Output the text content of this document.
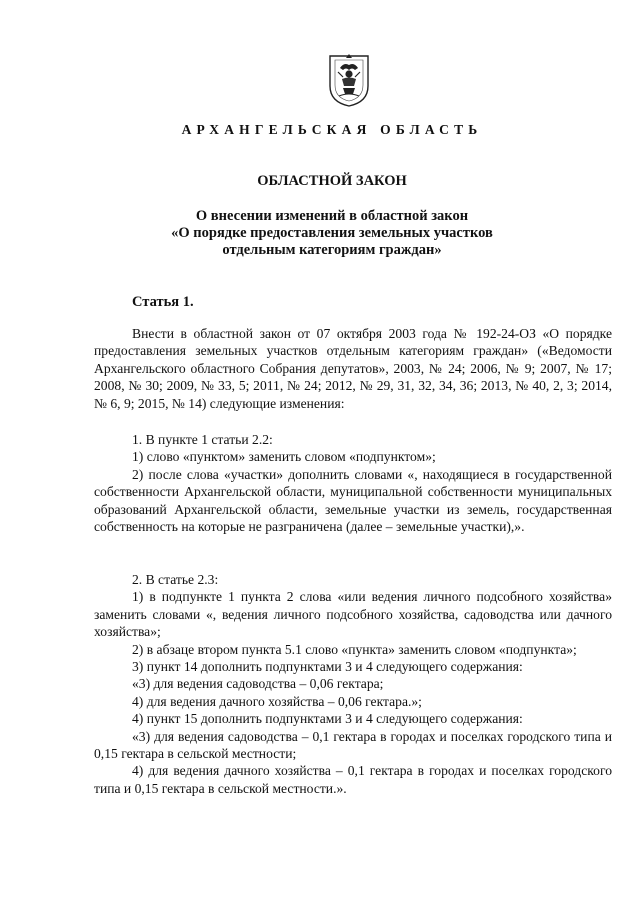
АРХАНГЕЛЬСКАЯ ОБЛАСТЬ
ОБЛАСТНОЙ ЗАКОН
О внесении изменений в областной закон
«О порядке предоставления земельных участков
отдельным категориям граждан»
Статья 1.

Внести в областной закон от 07 октября 2003 года № 192-24-ОЗ «О порядке предоставления земельных участков отдельным категориям граждан» («Ведомости Архангельского областного Собрания депутатов», 2003, № 24; 2006, № 9; 2007, № 17; 2008, № 30; 2009, № 33, 5; 2011, № 24; 2012, № 29, 31, 32, 34, 36; 2013, № 40, 2, 3; 2014, № 6, 9; 2015, № 14) следующие изменения:

1. В пункте 1 статьи 2.2:

1) слово «пунктом» заменить словом «подпунктом»;

2) после слова «участки» дополнить словами «, находящиеся в государственной собственности Архангельской области, муниципальной собственности муниципальных образований Архангельской области, земельные участки из земель, государственная собственность на которые не разграничена (далее – земельные участки),».

2. В статье 2.3:

1) в подпункте 1 пункта 2 слова «или ведения личного подсобного хозяйства» заменить словами «, ведения личного подсобного хозяйства, садоводства или дачного хозяйства»;

2) в абзаце втором пункта 5.1 слово «пункта» заменить словом «подпункта»;

3) пункт 14 дополнить подпунктами 3 и 4 следующего содержания:

«3) для ведения садоводства – 0,06 гектара;

4) для ведения дачного хозяйства – 0,06 гектара.»;

4) пункт 15 дополнить подпунктами 3 и 4 следующего содержания:

«3) для ведения садоводства – 0,1 гектара в городах и поселках городского типа и 0,15 гектара в сельской местности;

4) для ведения дачного хозяйства – 0,1 гектара в городах и поселках городского типа и 0,15 гектара в сельской местности.».
